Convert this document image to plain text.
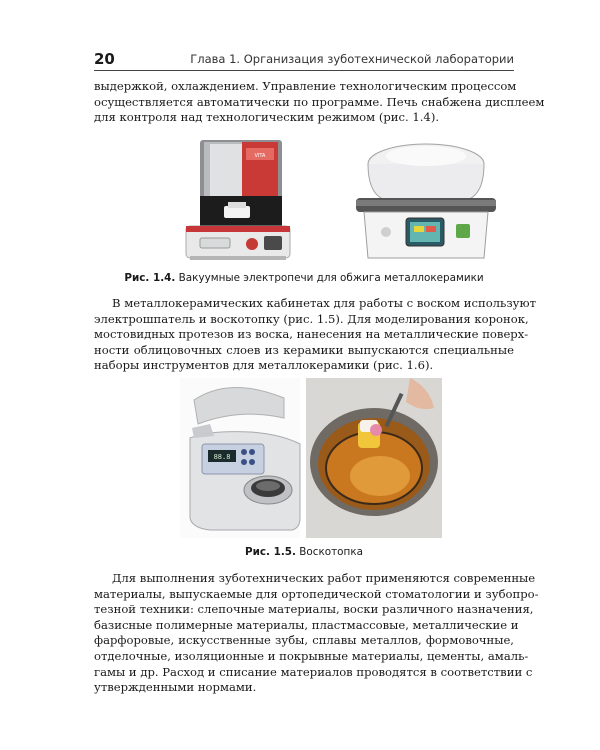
20	Глава 1. Организация зуботехнической лаборатории

выдержкой, охлаждением. Управление технологическим процессом
осуществляется автоматически по программе. Печь снабжена дисплеем
для контроля над технологическим режимом (рис. 1.4).

VITA
Рис. 1.4. Вакуумные электропечи для обжига металлокерамики

В металлокерамических кабинетах для работы с воском используют
электрошпатель и воскотопку (рис. 1.5). Для моделирования коронок,
мостовидных протезов из воска, нанесения на металлические поверх-
ности облицовочных слоев из керамики выпускаются специальные
наборы инструментов для металлокерамики (рис. 1.6).

88.8
Рис. 1.5. Воскотопка

Для выполнения зуботехнических работ применяются современные
материалы, выпускаемые для ортопедической стоматологии и зубопро-
тезной техники: слепочные материалы, воски различного назначения,
базисные полимерные материалы, пластмассовые, металлические и
фарфоровые, искусственные зубы, сплавы металлов, формовочные,
отделочные, изоляционные и покрывные материалы, цементы, амаль-
гамы и др. Расход и списание материалов проводятся в соответствии с
утвержденными нормами.
